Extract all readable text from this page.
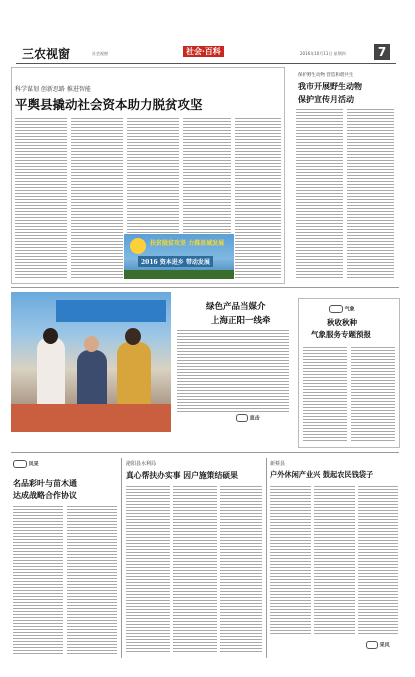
三农视窗	社会视窗	社会·百科	2016年10月11日 星期四	7
科学谋划 创新思路 推进智能
平舆县撬动社会资本助力脱贫攻坚
扶贫脱贫攻坚 力推县域发展
2016 资本进乡 带动发展
保护野生动物 营造和谐共生
我市开展野生动物
保护宣传月活动
绿色产品当媒介
上海正阳一线牵
直击
气象
秋收秋种
气象服务专题预报
风采
名品彩叶与苗木通
达成战略合作协议
泌阳县水利局
真心帮扶办实事 因户施策结硕果
新蔡县
户外休闲产业兴 鼓起农民钱袋子
采风
